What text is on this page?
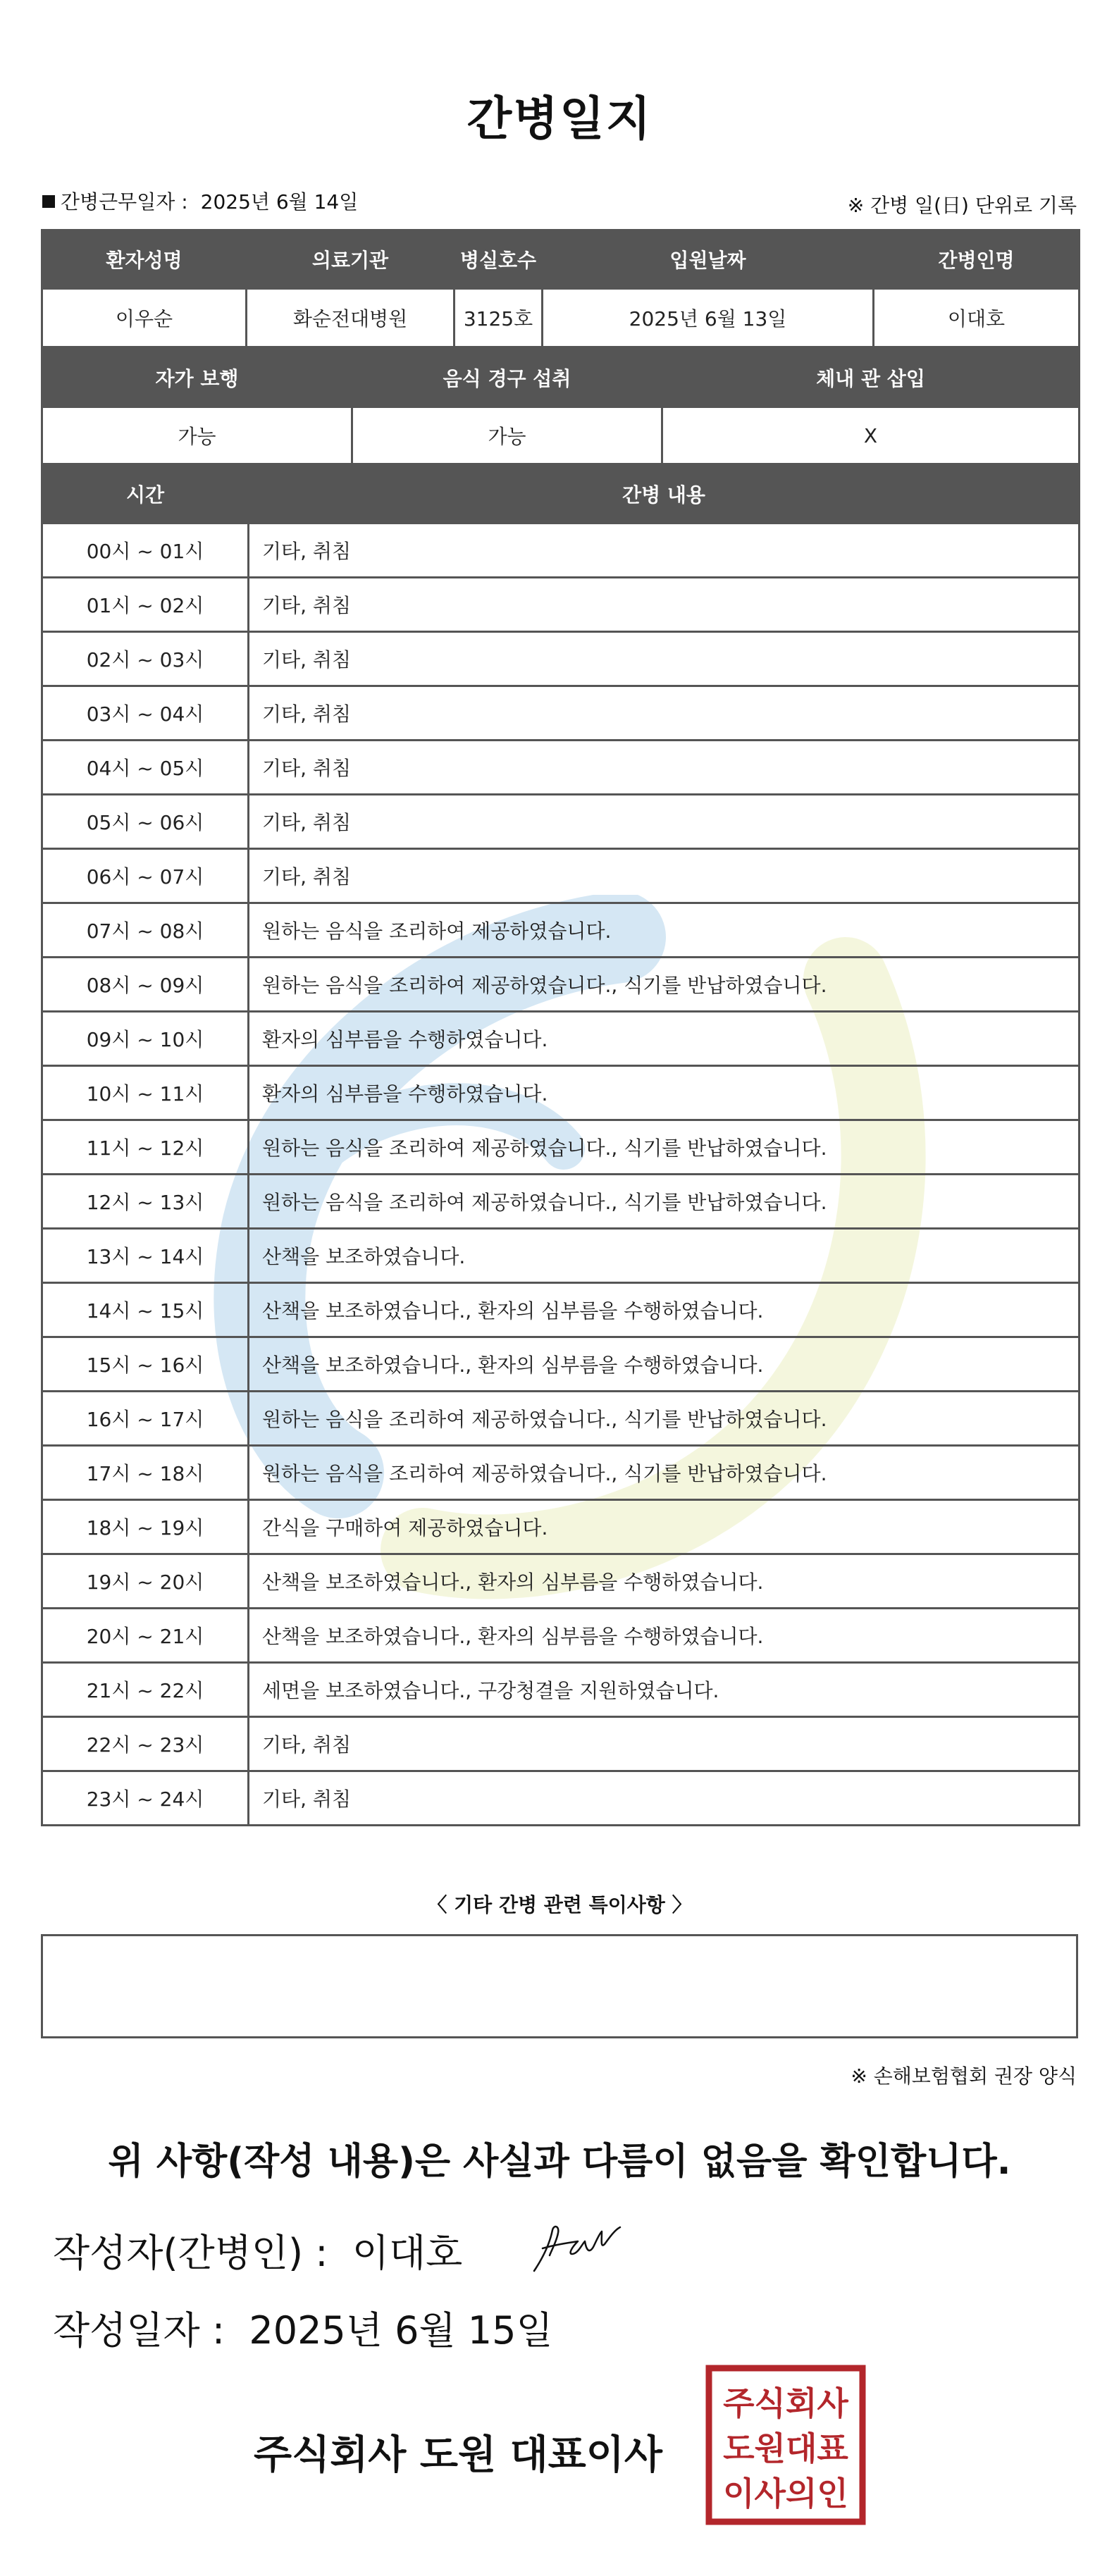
간병일지
간병근무일자 : 2025년 6월 14일	※ 간병 일(日) 단위로 기록
환자성명	의료기관	병실호수	입원날짜	간병인명
이우순	화순전대병원	3125호	2025년 6월 13일	이대호
자가 보행	음식 경구 섭취	체내 관 삽입
가능	가능	X
시간	간병 내용
00시 ~ 01시	기타, 취침
01시 ~ 02시	기타, 취침
02시 ~ 03시	기타, 취침
03시 ~ 04시	기타, 취침
04시 ~ 05시	기타, 취침
05시 ~ 06시	기타, 취침
06시 ~ 07시	기타, 취침
07시 ~ 08시	원하는 음식을 조리하여 제공하였습니다.
08시 ~ 09시	원하는 음식을 조리하여 제공하였습니다., 식기를 반납하였습니다.
09시 ~ 10시	환자의 심부름을 수행하였습니다.
10시 ~ 11시	환자의 심부름을 수행하였습니다.
11시 ~ 12시	원하는 음식을 조리하여 제공하였습니다., 식기를 반납하였습니다.
12시 ~ 13시	원하는 음식을 조리하여 제공하였습니다., 식기를 반납하였습니다.
13시 ~ 14시	산책을 보조하였습니다.
14시 ~ 15시	산책을 보조하였습니다., 환자의 심부름을 수행하였습니다.
15시 ~ 16시	산책을 보조하였습니다., 환자의 심부름을 수행하였습니다.
16시 ~ 17시	원하는 음식을 조리하여 제공하였습니다., 식기를 반납하였습니다.
17시 ~ 18시	원하는 음식을 조리하여 제공하였습니다., 식기를 반납하였습니다.
18시 ~ 19시	간식을 구매하여 제공하였습니다.
19시 ~ 20시	산책을 보조하였습니다., 환자의 심부름을 수행하였습니다.
20시 ~ 21시	산책을 보조하였습니다., 환자의 심부름을 수행하였습니다.
21시 ~ 22시	세면을 보조하였습니다., 구강청결을 지원하였습니다.
22시 ~ 23시	기타, 취침
23시 ~ 24시	기타, 취침
〈 기타 간병 관련 특이사항 〉
※ 손해보험협회 권장 양식
위 사항(작성 내용)은 사실과 다름이 없음을 확인합니다.
작성자(간병인) : 이대호
작성일자 : 2025년 6월 15일
주식회사 도원 대표이사
주식회사
도원대표
이사의인
